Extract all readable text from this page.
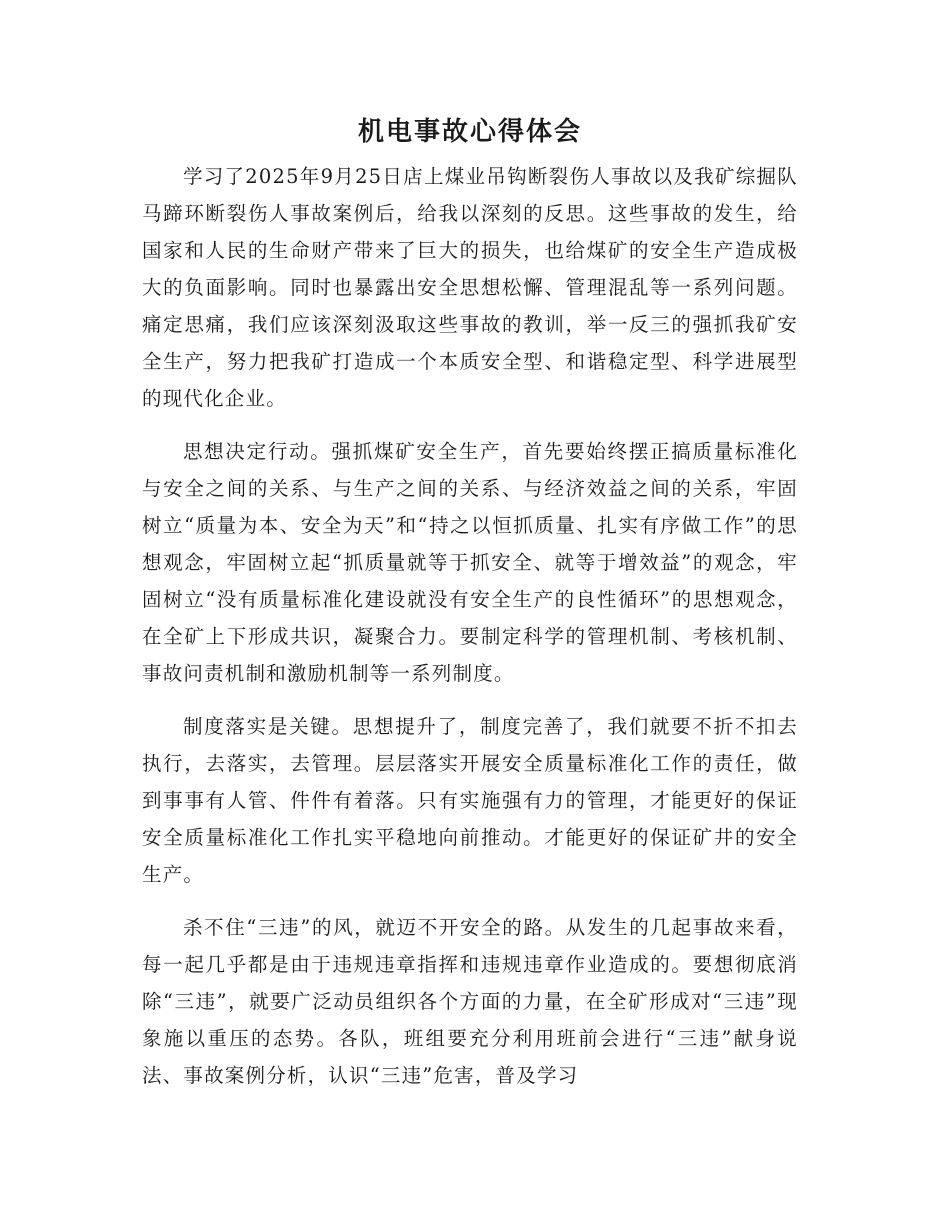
机电事故心得体会

学习了2025年9月25日店上煤业吊钩断裂伤人事故以及我矿综掘队马蹄环断裂伤人事故案例后，给我以深刻的反思。这些事故的发生，给国家和人民的生命财产带来了巨大的损失，也给煤矿的安全生产造成极大的负面影响。同时也暴露出安全思想松懈、管理混乱等一系列问题。痛定思痛，我们应该深刻汲取这些事故的教训，举一反三的强抓我矿安全生产，努力把我矿打造成一个本质安全型、和谐稳定型、科学进展型的现代化企业。

思想决定行动。强抓煤矿安全生产，首先要始终摆正搞质量标准化与安全之间的关系、与生产之间的关系、与经济效益之间的关系，牢固树立“质量为本、安全为天”和“持之以恒抓质量、扎实有序做工作”的思想观念，牢固树立起“抓质量就等于抓安全、就等于增效益”的观念，牢固树立“没有质量标准化建设就没有安全生产的良性循环”的思想观念，在全矿上下形成共识，凝聚合力。要制定科学的管理机制、考核机制、事故问责机制和激励机制等一系列制度。

制度落实是关键。思想提升了，制度完善了，我们就要不折不扣去执行，去落实，去管理。层层落实开展安全质量标准化工作的责任，做到事事有人管、件件有着落。只有实施强有力的管理，才能更好的保证安全质量标准化工作扎实平稳地向前推动。才能更好的保证矿井的安全生产。

杀不住“三违”的风，就迈不开安全的路。从发生的几起事故来看，每一起几乎都是由于违规违章指挥和违规违章作业造成的。要想彻底消除“三违”，就要广泛动员组织各个方面的力量，在全矿形成对“三违”现象施以重压的态势。各队，班组要充分利用班前会进行“三违”献身说法、事故案例分析，认识“三违”危害，普及学习
